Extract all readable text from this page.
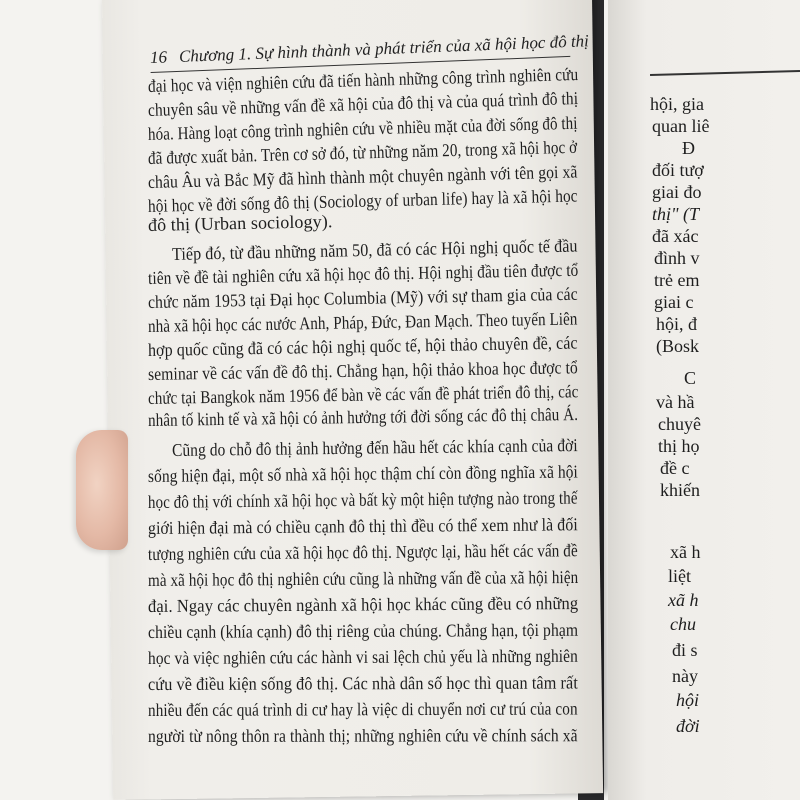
16 Chương 1. Sự hình thành và phát triển của xã hội học đô thị
đại học và viện nghiên cứu đã tiến hành những công trình nghiên cứu
chuyên sâu về những vấn đề xã hội của đô thị và của quá trình đô thị
hóa. Hàng loạt công trình nghiên cứu về nhiều mặt của đời sống đô thị
đã được xuất bản. Trên cơ sở đó, từ những năm 20, trong xã hội học ở
châu Âu và Bắc Mỹ đã hình thành một chuyên ngành với tên gọi xã
hội học về đời sống đô thị (Sociology of urban life) hay là xã hội học
đô thị (Urban sociology).
Tiếp đó, từ đầu những năm 50, đã có các Hội nghị quốc tế đầu
tiên về đề tài nghiên cứu xã hội học đô thị. Hội nghị đầu tiên được tổ
chức năm 1953 tại Đại học Columbia (Mỹ) với sự tham gia của các
nhà xã hội học các nước Anh, Pháp, Đức, Đan Mạch. Theo tuyến Liên
hợp quốc cũng đã có các hội nghị quốc tế, hội thảo chuyên đề, các
seminar về các vấn đề đô thị. Chẳng hạn, hội thảo khoa học được tổ
chức tại Bangkok năm 1956 để bàn về các vấn đề phát triển đô thị, các
nhân tố kinh tế và xã hội có ảnh hưởng tới đời sống các đô thị châu Á.
Cũng do chỗ đô thị ảnh hưởng đến hầu hết các khía cạnh của đời
sống hiện đại, một số nhà xã hội học thậm chí còn đồng nghĩa xã hội
học đô thị với chính xã hội học và bất kỳ một hiện tượng nào trong thế
giới hiện đại mà có chiều cạnh đô thị thì đều có thể xem như là đối
tượng nghiên cứu của xã hội học đô thị. Ngược lại, hầu hết các vấn đề
mà xã hội học đô thị nghiên cứu cũng là những vấn đề của xã hội hiện
đại. Ngay các chuyên ngành xã hội học khác cũng đều có những
chiều cạnh (khía cạnh) đô thị riêng của chúng. Chẳng hạn, tội phạm
học và việc nghiên cứu các hành vi sai lệch chủ yếu là những nghiên
cứu về điều kiện sống đô thị. Các nhà dân số học thì quan tâm rất
nhiều đến các quá trình di cư hay là việc di chuyển nơi cư trú của con
người từ nông thôn ra thành thị; những nghiên cứu về chính sách xã
hội, gia
quan liê
Đ
đối tượ
giai đo
thị" (T
đã xác
đình v
trẻ em
giai c
hội, đ
(Bosk
C
và hầ
chuyê
thị họ
đề c
khiến
xã h
liệt
xã h
chu
đi s
này
hội
đời
